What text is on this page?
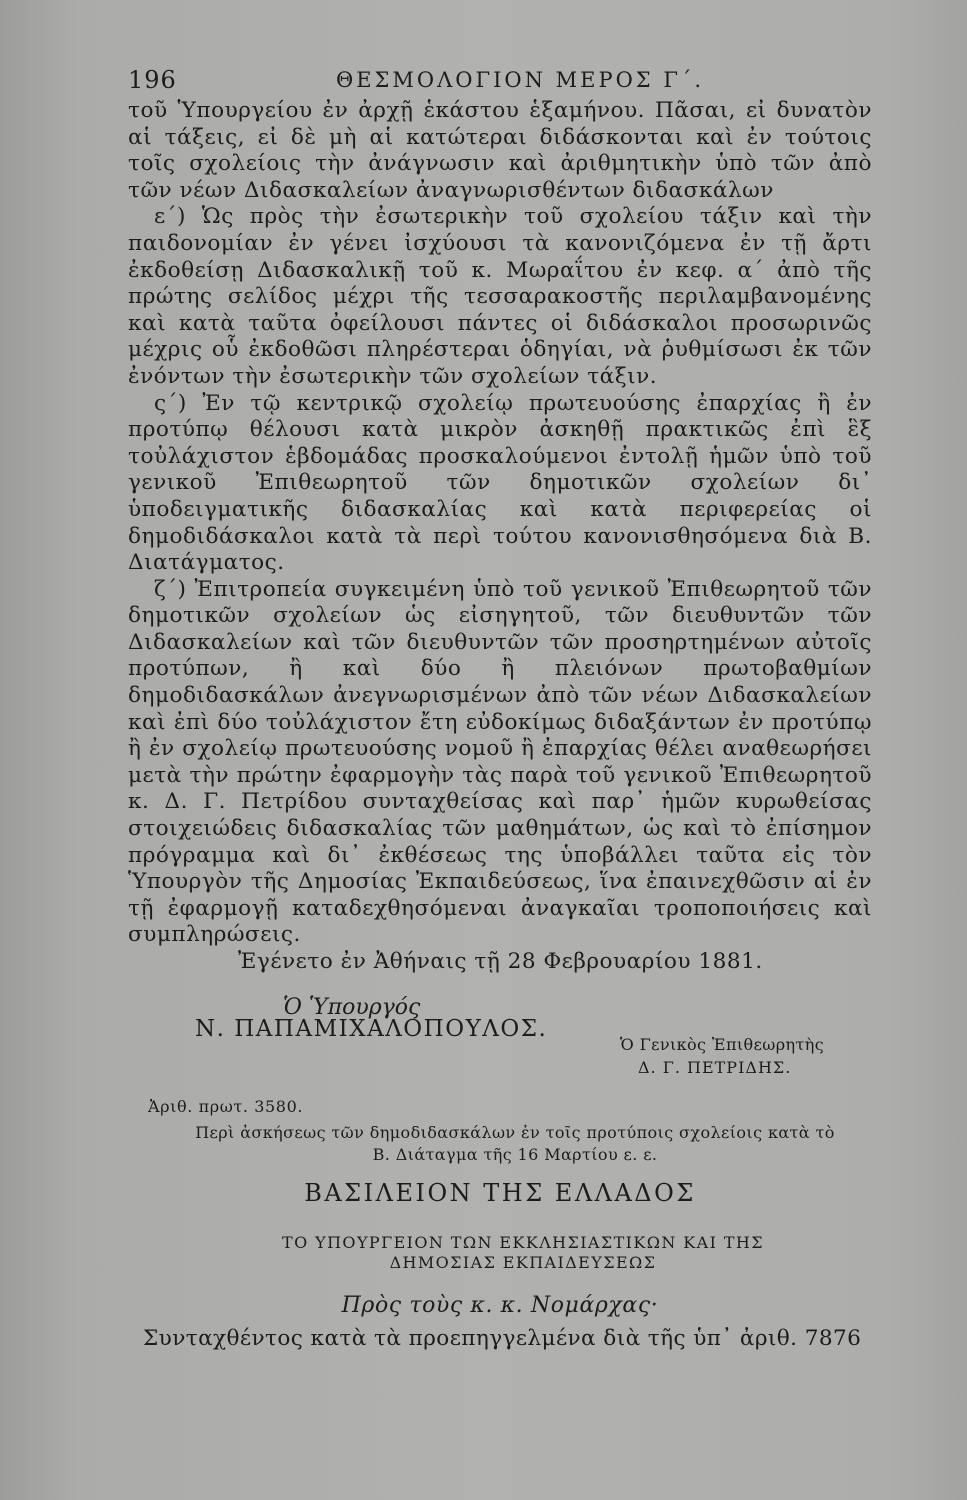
196	ΘΕΣΜΟΛΟΓΙΟΝ ΜΕΡΟΣ Γ΄.

τοῦ Ὑπουργείου ἐν ἀρχῇ ἑκάστου ἑξαμήνου. Πᾶσαι, εἰ δυνατὸν αἱ τάξεις, εἰ δὲ μὴ αἱ κατώτεραι διδάσκονται καὶ ἐν τούτοις τοῖς σχολείοις τὴν ἀνάγνωσιν καὶ ἀριθμητικὴν ὑπὸ τῶν ἀπὸ τῶν νέων Διδασκαλείων ἀναγνωρισθέντων διδασκάλων

ε΄) Ὡς πρὸς τὴν ἐσωτερικὴν τοῦ σχολείου τάξιν καὶ τὴν παιδονομίαν ἐν γένει ἰσχύουσι τὰ κανονιζόμενα ἐν τῇ ἄρτι ἐκδοθείσῃ Διδασκαλικῇ τοῦ κ. Μωραΐτου ἐν κεφ. α΄ ἀπὸ τῆς πρώτης σελίδος μέχρι τῆς τεσσαρακοστῆς περιλαμβανομένης καὶ κατὰ ταῦτα ὀφείλουσι πάντες οἱ διδάσκαλοι προσωρινῶς μέχρις οὗ ἐκδοθῶσι πληρέστεραι ὁδηγίαι, νὰ ῥυθμίσωσι ἐκ τῶν ἐνόντων τὴν ἐσωτερικὴν τῶν σχολείων τάξιν.

ς΄) Ἐν τῷ κεντρικῷ σχολείῳ πρωτευούσης ἐπαρχίας ἢ ἐν προτύπῳ θέλουσι κατὰ μικρὸν ἀσκηθῇ πρακτικῶς ἐπὶ ἓξ τοὐλάχιστον ἑβδομάδας προσκαλούμενοι ἐντολῇ ἡμῶν ὑπὸ τοῦ γενικοῦ Ἐπιθεωρητοῦ τῶν δημοτικῶν σχολείων δι᾽ ὑποδειγματικῆς διδασκαλίας καὶ κατὰ περιφερείας οἱ δημοδιδάσκαλοι κατὰ τὰ περὶ τούτου κανονισθησόμενα διὰ Β. Διατάγματος.

ζ΄) Ἐπιτροπεία συγκειμένη ὑπὸ τοῦ γενικοῦ Ἐπιθεωρητοῦ τῶν δημοτικῶν σχολείων ὡς εἰσηγητοῦ, τῶν διευθυντῶν τῶν Διδασκαλείων καὶ τῶν διευθυντῶν τῶν προσηρτημένων αὐτοῖς προτύπων, ἢ καὶ δύο ἢ πλειόνων πρωτοβαθμίων δημοδιδασκάλων ἀνεγνωρισμένων ἀπὸ τῶν νέων Διδασκαλείων καὶ ἐπὶ δύο τοὐλάχιστον ἔτη εὐδοκίμως διδαξάντων ἐν προτύπῳ ἢ ἐν σχολείῳ πρωτευούσης νομοῦ ἢ ἐπαρχίας θέλει αναθεωρήσει μετὰ τὴν πρώτην ἐφαρμογὴν τὰς παρὰ τοῦ γενικοῦ Ἐπιθεωρητοῦ κ. Δ. Γ. Πετρίδου συνταχθείσας καὶ παρ᾽ ἡμῶν κυρωθείσας στοιχειώδεις διδασκαλίας τῶν μαθημάτων, ὡς καὶ τὸ ἐπίσημον πρόγραμμα καὶ δι᾽ ἐκθέσεως της ὑποβάλλει ταῦτα εἰς τὸν Ὑπουργὸν τῆς Δημοσίας Ἐκπαιδεύσεως, ἵνα ἐπαινεχθῶσιν αἱ ἐν τῇ ἐφαρμογῇ καταδεχθησόμεναι ἀναγκαῖαι τροποποιήσεις καὶ συμπληρώσεις.

Ἐγένετο ἐν Ἀθήναις τῇ 28 Φεβρουαρίου 1881.

Ὁ Ὑπουργός
Ν. ΠΑΠΑΜΙΧΑΛΟΠΟΥΛΟΣ.
Ὁ Γενικὸς Ἐπιθεωρητὴς
Δ. Γ. ΠΕΤΡΙΔΗΣ.
Ἀριθ. πρωτ. 3580.
Περὶ ἀσκήσεως τῶν δημοδιδασκάλων ἐν τοῖς προτύποις σχολείοις κατὰ τὸ
Β. Διάταγμα τῆς 16 Μαρτίου ε. ε.
ΒΑΣΙΛΕΙΟΝ ΤΗΣ ΕΛΛΑΔΟΣ
ΤΟ ΥΠΟΥΡΓΕΙΟΝ ΤΩΝ ΕΚΚΛΗΣΙΑΣΤΙΚΩΝ ΚΑΙ ΤΗΣ
ΔΗΜΟΣΙΑΣ ΕΚΠΑΙΔΕΥΣΕΩΣ
Πρὸς τοὺς κ. κ. Νομάρχας·
Συνταχθέντος κατὰ τὰ προεπηγγελμένα διὰ τῆς ὑπ᾽ ἀριθ. 7876
